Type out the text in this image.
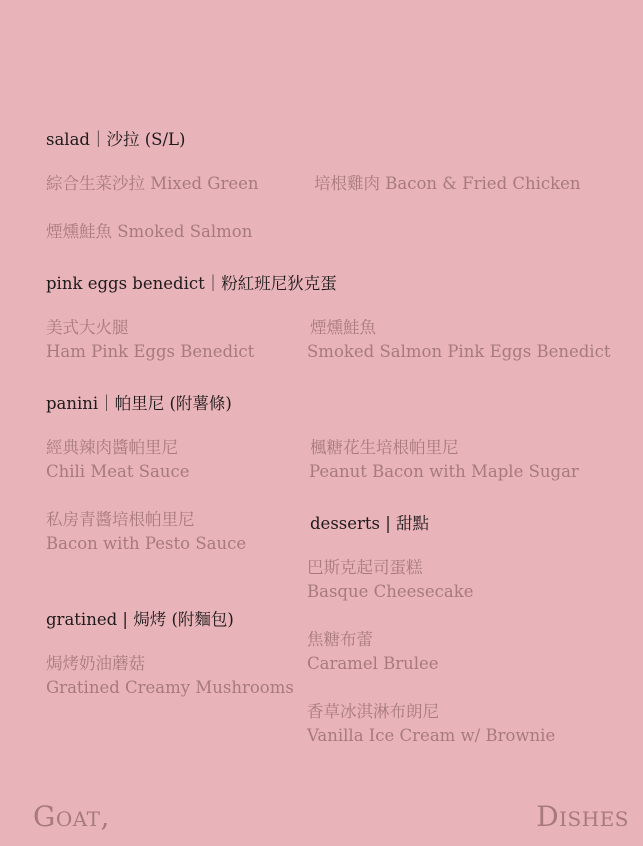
salad｜沙拉 (S/L)
綜合生菜沙拉 Mixed Green	培根雞肉 Bacon & Fried Chicken
煙燻鮭魚 Smoked Salmon
pink eggs benedict｜粉紅班尼狄克蛋
美式大火腿
Ham Pink Eggs Benedict
煙燻鮭魚
Smoked Salmon Pink Eggs Benedict
panini｜帕里尼 (附薯條)
經典辣肉醬帕里尼
Chili Meat Sauce
楓糖花生培根帕里尼
Peanut Bacon with Maple Sugar
私房青醬培根帕里尼
Bacon with Pesto Sauce
desserts | 甜點
巴斯克起司蛋糕
Basque Cheesecake
焦糖布蕾
Caramel Brulee
香草冰淇淋布朗尼
Vanilla Ice Cream w/ Brownie
gratined | 焗烤 (附麵包)
焗烤奶油蘑菇
Gratined Creamy Mushrooms
Goat,	Dishes
